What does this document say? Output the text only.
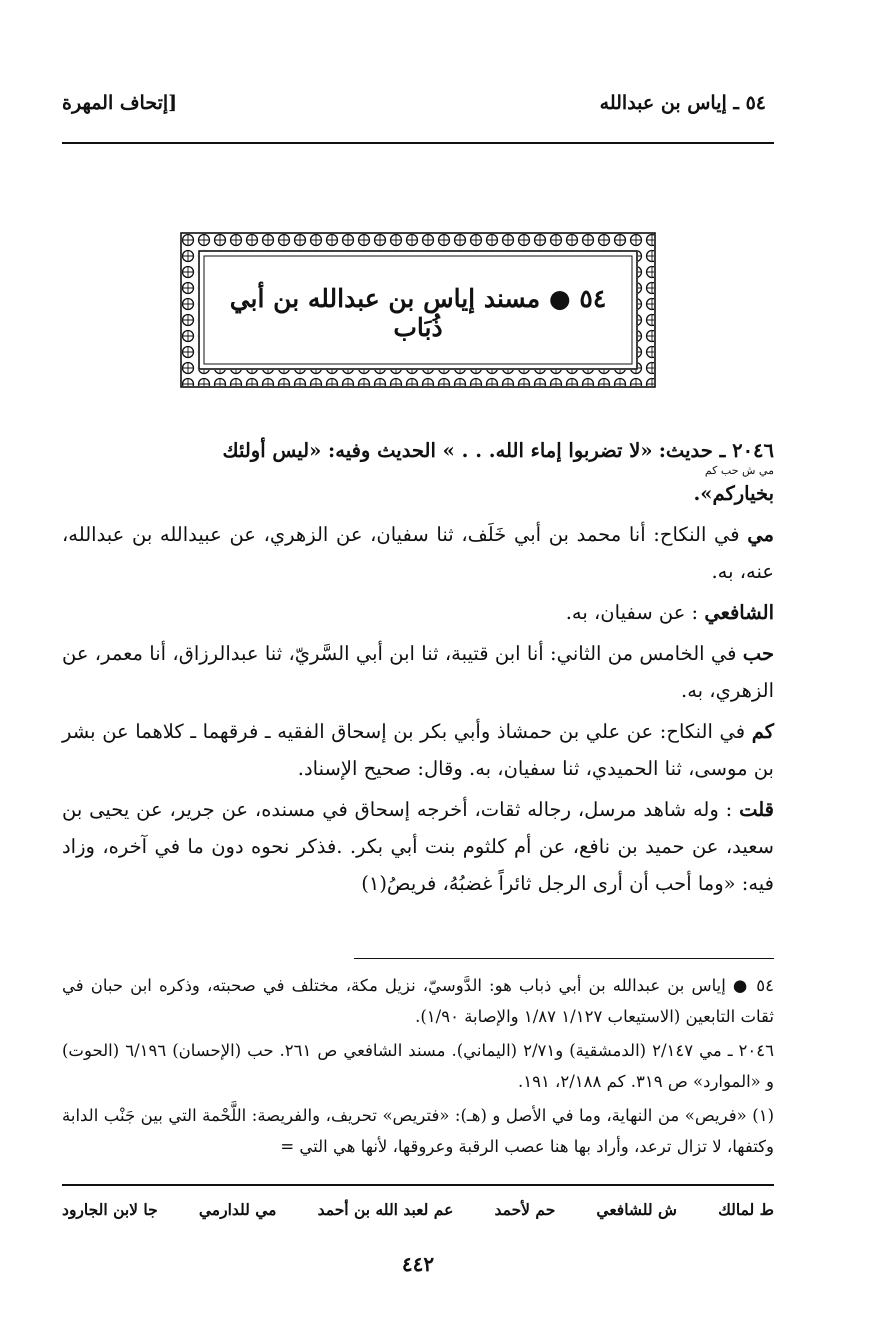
٥٤ ـ إياس بن عبدالله
[إتحاف المهرة
٥٤ ● مسند إياس بن عبدالله بن أبي ذُبَاب

٢٠٤٦ ـ حديث: «لا تضربوا إماء الله. . . » الحديث وفيه: «ليس أولئك
مي ش حب كم
بخياركم».

مي في النكاح: أنا محمد بن أبي خَلَف، ثنا سفيان، عن الزهري، عن عبيدالله بن عبدالله، عنه، به.

الشافعي : عن سفيان، به.

حب في الخامس من الثاني: أنا ابن قتيبة، ثنا ابن أبي السَّريّ، ثنا عبدالرزاق، أنا معمر، عن الزهري، به.

كم في النكاح: عن علي بن حمشاذ وأبي بكر بن إسحاق الفقيه ـ فرقهما ـ كلاهما عن بشر بن موسى، ثنا الحميدي، ثنا سفيان، به. وقال: صحيح الإسناد.

قلت : وله شاهد مرسل، رجاله ثقات، أخرجه إسحاق في مسنده، عن جرير، عن يحيى بن سعيد، عن حميد بن نافع، عن أم كلثوم بنت أبي بكر. .فذكر نحوه دون ما في آخره، وزاد فيه: «وما أحب أن أرى الرجل ثائراً غضبُهُ، فريصُ(١)

٥٤ ● إياس بن عبدالله بن أبي ذباب هو: الدَّوسيّ، نزيل مكة، مختلف في صحبته، وذكره ابن حبان في ثقات التابعين (الاستيعاب ١/١٢٧ ١/٨٧ والإصابة ١/٩٠).

٢٠٤٦ ـ مي ٢/١٤٧ (الدمشقية) و٢/٧١ (اليماني). مسند الشافعي ص ٢٦١. حب (الإحسان) ٦/١٩٦ (الحوت) و «الموارد» ص ٣١٩. كم ٢/١٨٨، ١٩١.

(١) «فريص» من النهاية، وما في الأصل و (هـ): «فتريص» تحريف، والفريصة: اللَّحْمة التي بين جَنْب الدابة وكتفها، لا تزال ترعد، وأراد بها هنا عصب الرقبة وعروقها، لأنها هي التي =

ط لمالك
ش للشافعي
حم لأحمد
عم لعبد الله بن أحمد
مي للدارمي
جا لابن الجارود
٤٤٢
